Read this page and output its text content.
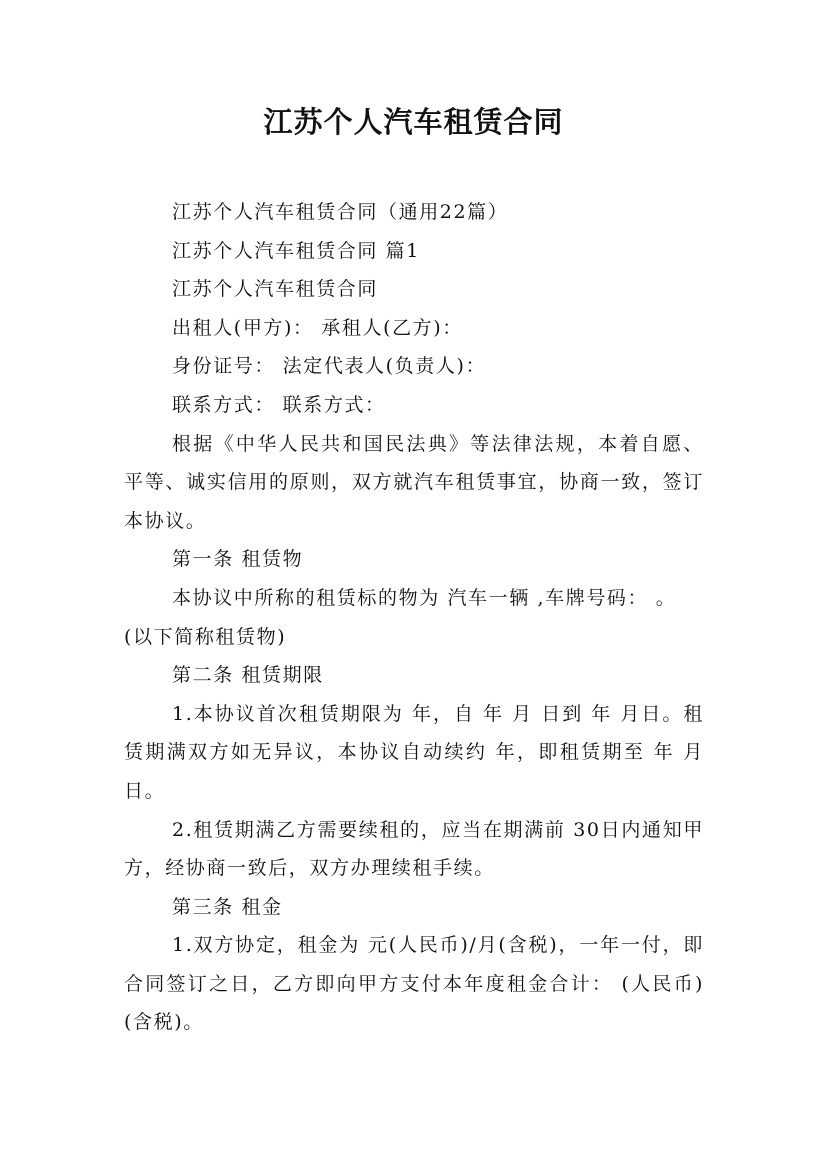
江苏个人汽车租赁合同

江苏个人汽车租赁合同（通用22篇）

江苏个人汽车租赁合同 篇1

江苏个人汽车租赁合同

出租人(甲方)： 承租人(乙方)：

身份证号： 法定代表人(负责人)：

联系方式： 联系方式：

根据《中华人民共和国民法典》等法律法规，本着自愿、平等、诚实信用的原则，双方就汽车租赁事宜，协商一致，签订本协议。

第一条 租赁物

本协议中所称的租赁标的物为 汽车一辆 ,车牌号码： 。(以下简称租赁物)

第二条 租赁期限

1.本协议首次租赁期限为 年，自 年 月 日到 年 月日。租赁期满双方如无异议，本协议自动续约 年，即租赁期至 年 月 日。

2.租赁期满乙方需要续租的，应当在期满前 30日内通知甲方，经协商一致后，双方办理续租手续。

第三条 租金

1.双方协定，租金为 元(人民币)/月(含税)，一年一付，即合同签订之日，乙方即向甲方支付本年度租金合计： (人民币)(含税)。
